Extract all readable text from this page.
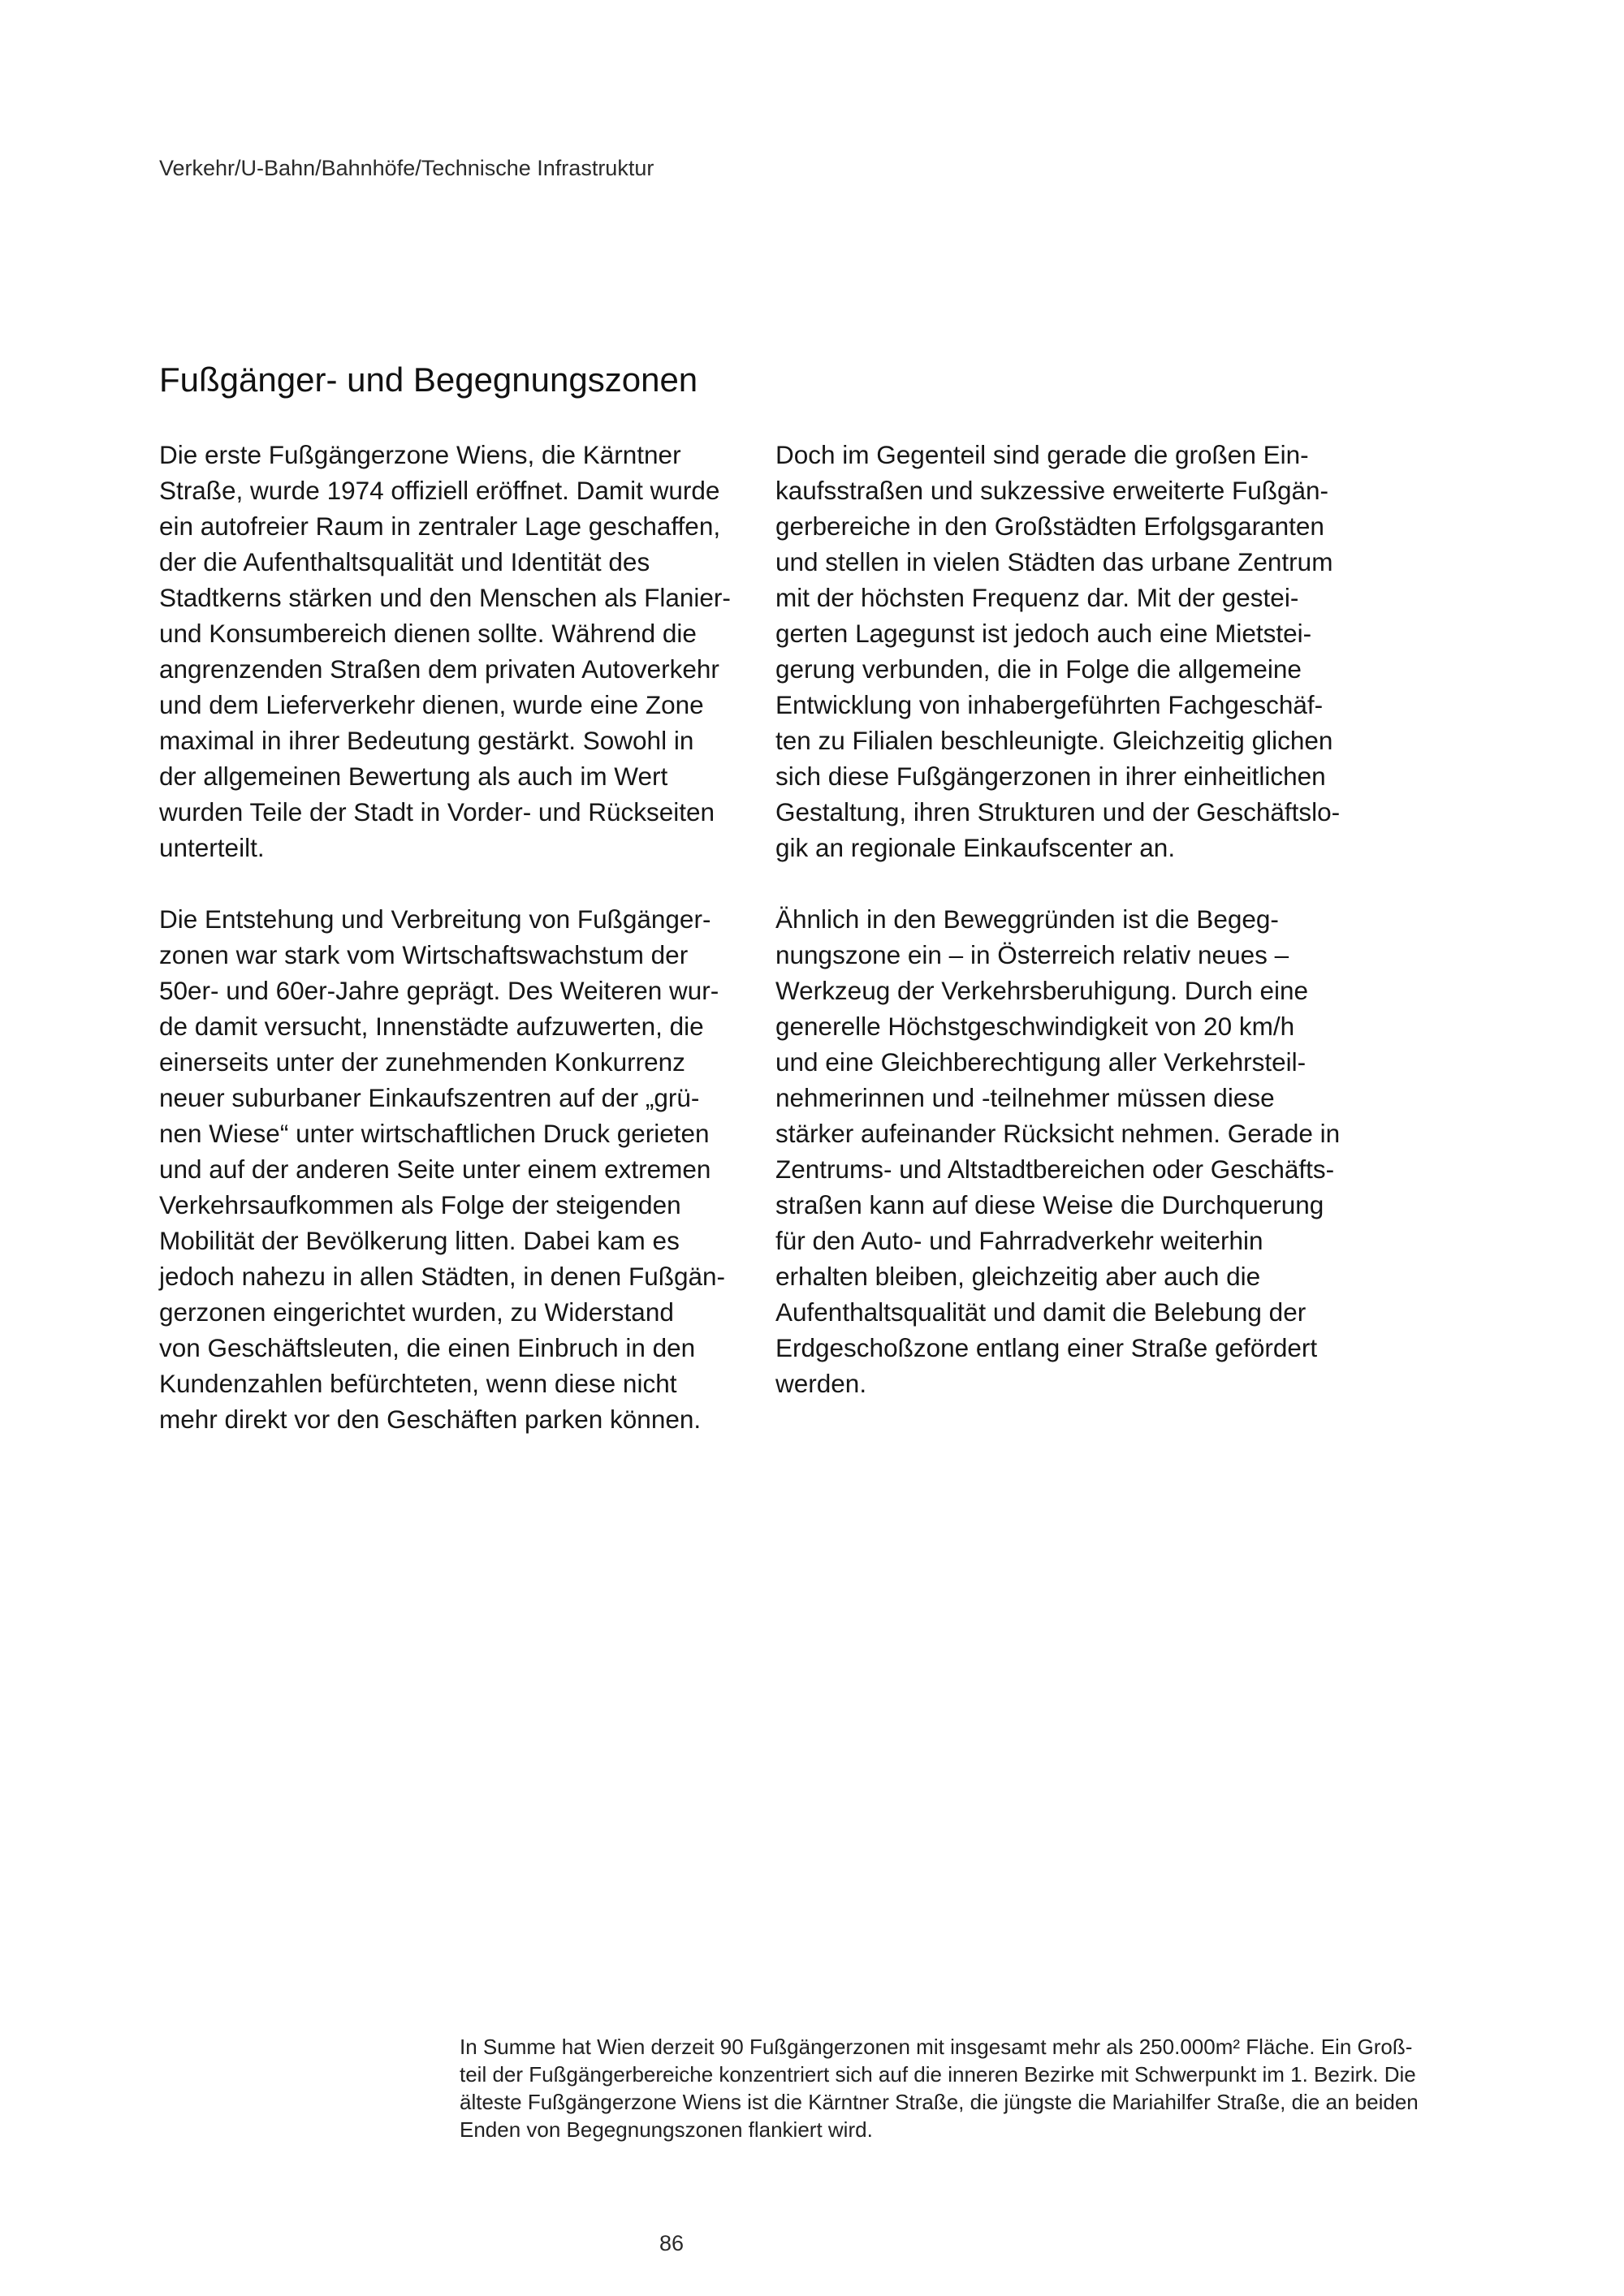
Verkehr/U-Bahn/Bahnhöfe/Technische Infrastruktur
Fußgänger- und Begegnungszonen

Die erste Fußgängerzone Wiens, die Kärntner
Straße, wurde 1974 offiziell eröffnet. Damit wurde
ein autofreier Raum in zentraler Lage geschaffen,
der die Aufenthaltsqualität und Identität des
Stadtkerns stärken und den Menschen als Flanier-
und Konsumbereich dienen sollte. Während die
angrenzenden Straßen dem privaten Autoverkehr
und dem Lieferverkehr dienen, wurde eine Zone
maximal in ihrer Bedeutung gestärkt. Sowohl in
der allgemeinen Bewertung als auch im Wert
wurden Teile der Stadt in Vorder- und Rückseiten
unterteilt.

Die Entstehung und Verbreitung von Fußgänger-
zonen war stark vom Wirtschaftswachstum der
50er- und 60er-Jahre geprägt. Des Weiteren wur-
de damit versucht, Innenstädte aufzuwerten, die
einerseits unter der zunehmenden Konkurrenz
neuer suburbaner Einkaufszentren auf der „grü-
nen Wiese“ unter wirtschaftlichen Druck gerieten
und auf der anderen Seite unter einem extremen
Verkehrsaufkommen als Folge der steigenden
Mobilität der Bevölkerung litten. Dabei kam es
jedoch nahezu in allen Städten, in denen Fußgän-
gerzonen eingerichtet wurden, zu Widerstand
von Geschäftsleuten, die einen Einbruch in den
Kundenzahlen befürchteten, wenn diese nicht
mehr direkt vor den Geschäften parken können.

Doch im Gegenteil sind gerade die großen Ein-
kaufsstraßen und sukzessive erweiterte Fußgän-
gerbereiche in den Großstädten Erfolgsgaranten
und stellen in vielen Städten das urbane Zentrum
mit der höchsten Frequenz dar. Mit der gestei-
gerten Lagegunst ist jedoch auch eine Mietstei-
gerung verbunden, die in Folge die allgemeine
Entwicklung von inhabergeführten Fachgeschäf-
ten zu Filialen beschleunigte. Gleichzeitig glichen
sich diese Fußgängerzonen in ihrer einheitlichen
Gestaltung, ihren Strukturen und der Geschäftslo-
gik an regionale Einkaufscenter an.

Ähnlich in den Beweggründen ist die Begeg-
nungszone ein – in Österreich relativ neues –
Werkzeug der Verkehrsberuhigung. Durch eine
generelle Höchstgeschwindigkeit von 20 km/h
und eine Gleichberechtigung aller Verkehrsteil-
nehmerinnen und -teilnehmer müssen diese
stärker aufeinander Rücksicht nehmen. Gerade in
Zentrums- und Altstadtbereichen oder Geschäfts-
straßen kann auf diese Weise die Durchquerung
für den Auto- und Fahrradverkehr weiterhin
erhalten bleiben, gleichzeitig aber auch die
Aufenthaltsqualität und damit die Belebung der
Erdgeschoßzone entlang einer Straße gefördert
werden.

In Summe hat Wien derzeit 90 Fußgängerzonen mit insgesamt mehr als 250.000m² Fläche. Ein Groß-
teil der Fußgängerbereiche konzentriert sich auf die inneren Bezirke mit Schwerpunkt im 1. Bezirk. Die
älteste Fußgängerzone Wiens ist die Kärntner Straße, die jüngste die Mariahilfer Straße, die an beiden
Enden von Begegnungszonen flankiert wird.
86
